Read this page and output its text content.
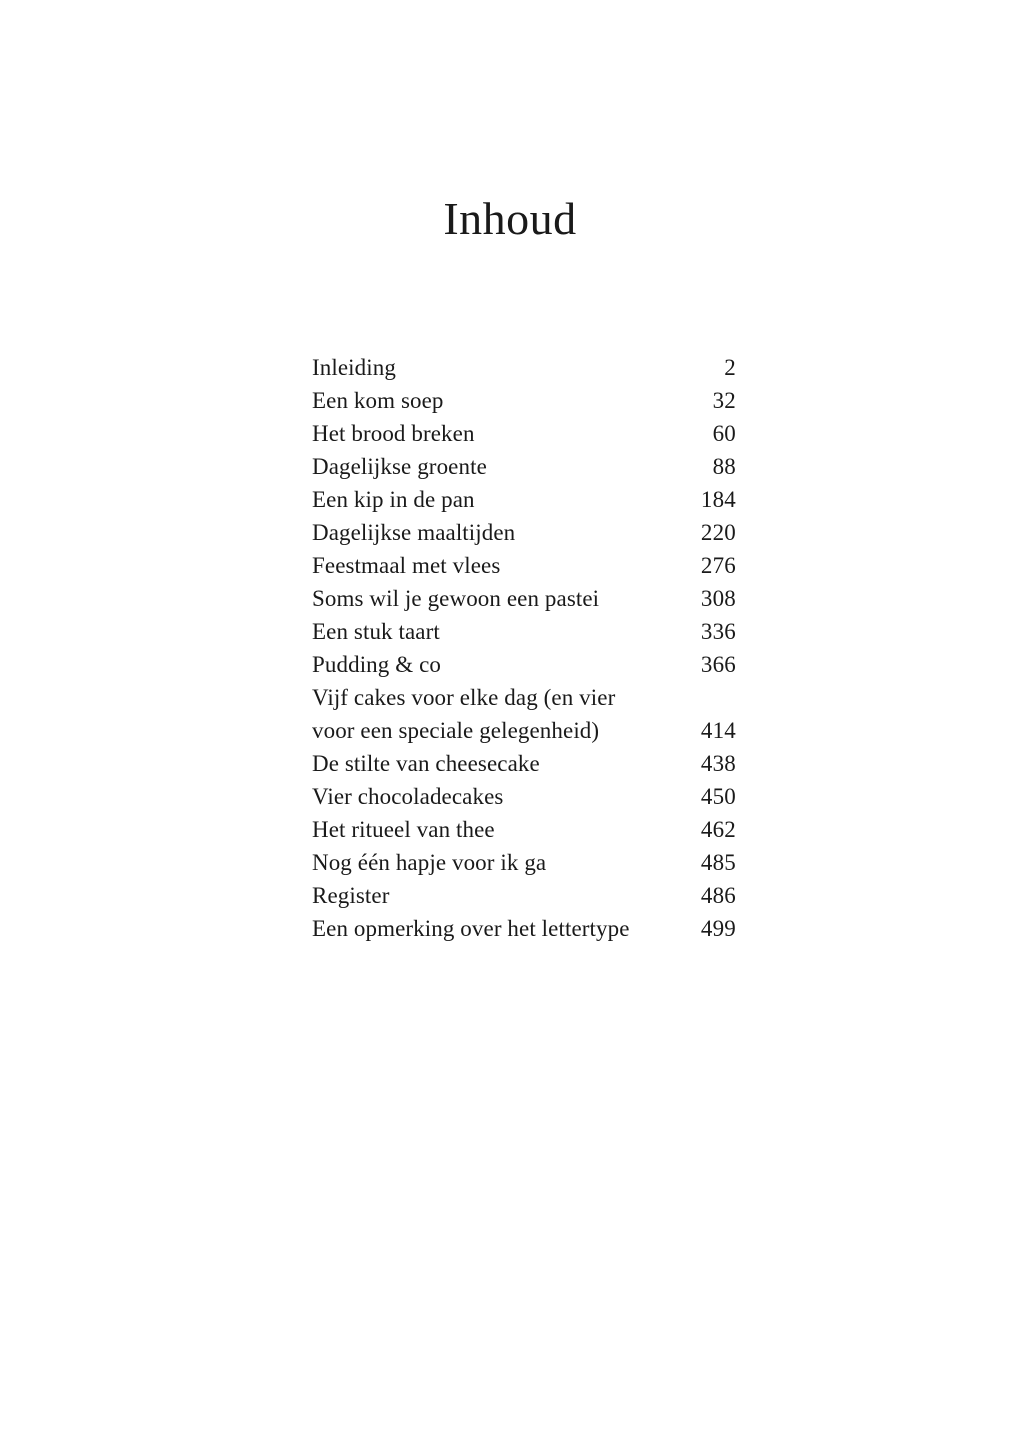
Inhoud
Inleiding	2
Een kom soep	32
Het brood breken	60
Dagelijkse groente	88
Een kip in de pan	184
Dagelijkse maaltijden	220
Feestmaal met vlees	276
Soms wil je gewoon een pastei	308
Een stuk taart	336
Pudding & co	366
Vijf cakes voor elke dag (en vier voor een speciale gelegenheid)	414
De stilte van cheesecake	438
Vier chocoladecakes	450
Het ritueel van thee	462
Nog één hapje voor ik ga	485
Register	486
Een opmerking over het lettertype	499
